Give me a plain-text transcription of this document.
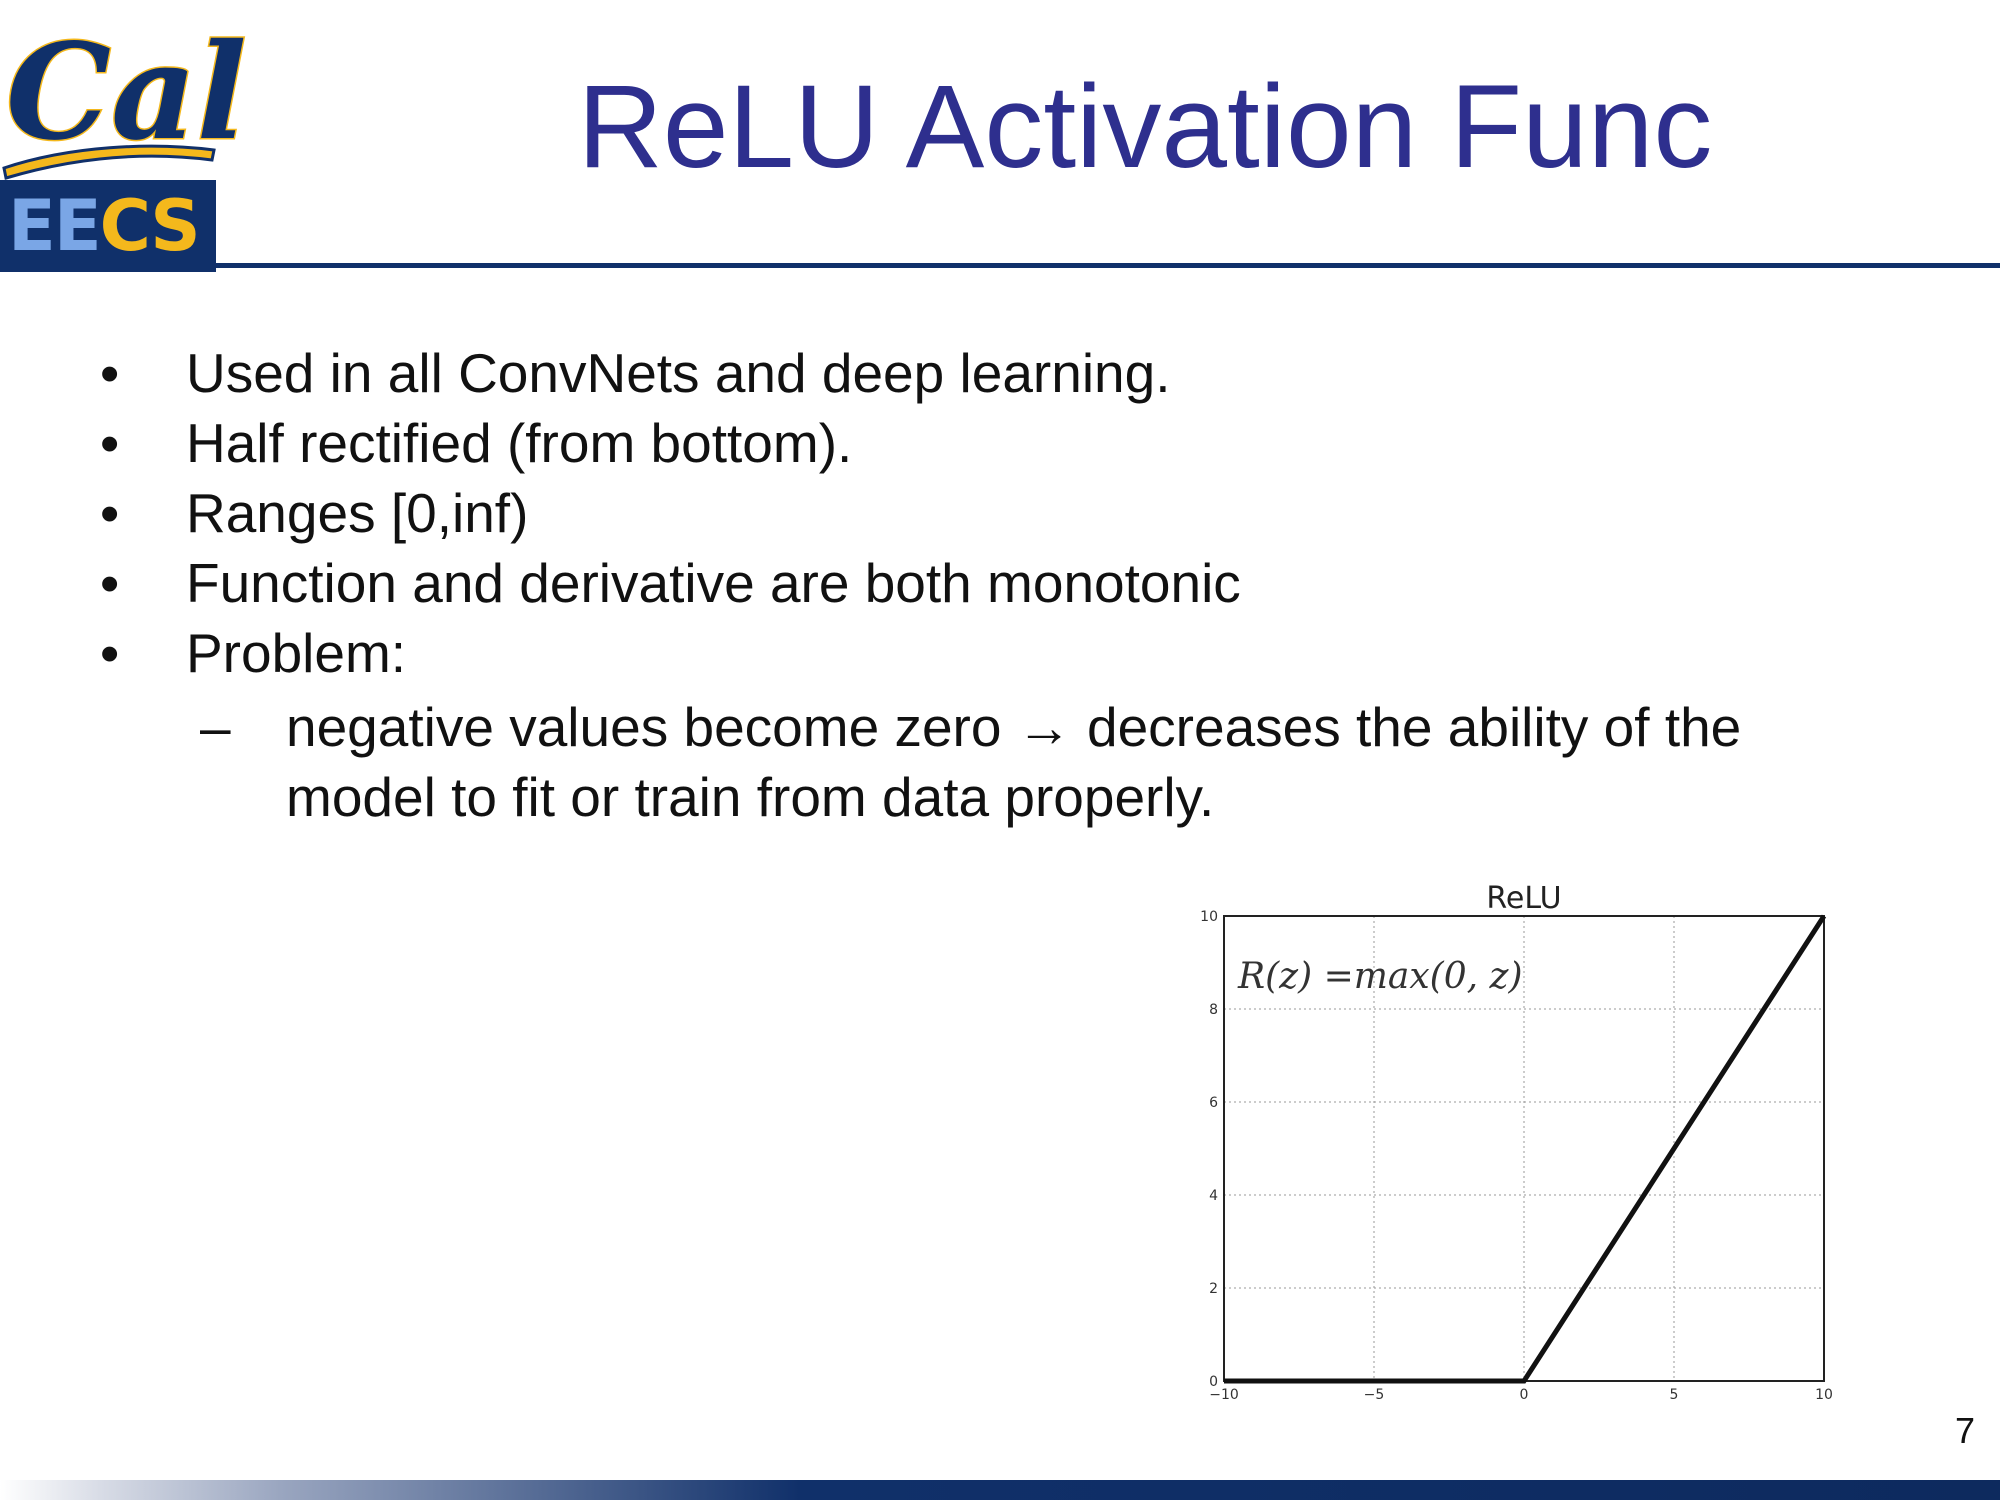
Cal
EECS
ReLU Activation Func
• Used in all ConvNets and deep learning.
• Half rectified (from bottom).
• Ranges [0,inf)
• Function and derivative are both monotonic
• Problem:
– negative values become zero → decreases the ability of the model to fit or train from data properly.
ReLU
−10	−5	0	5	10
0
2
4
6
8
10
R(z) =max(0, z)
7
